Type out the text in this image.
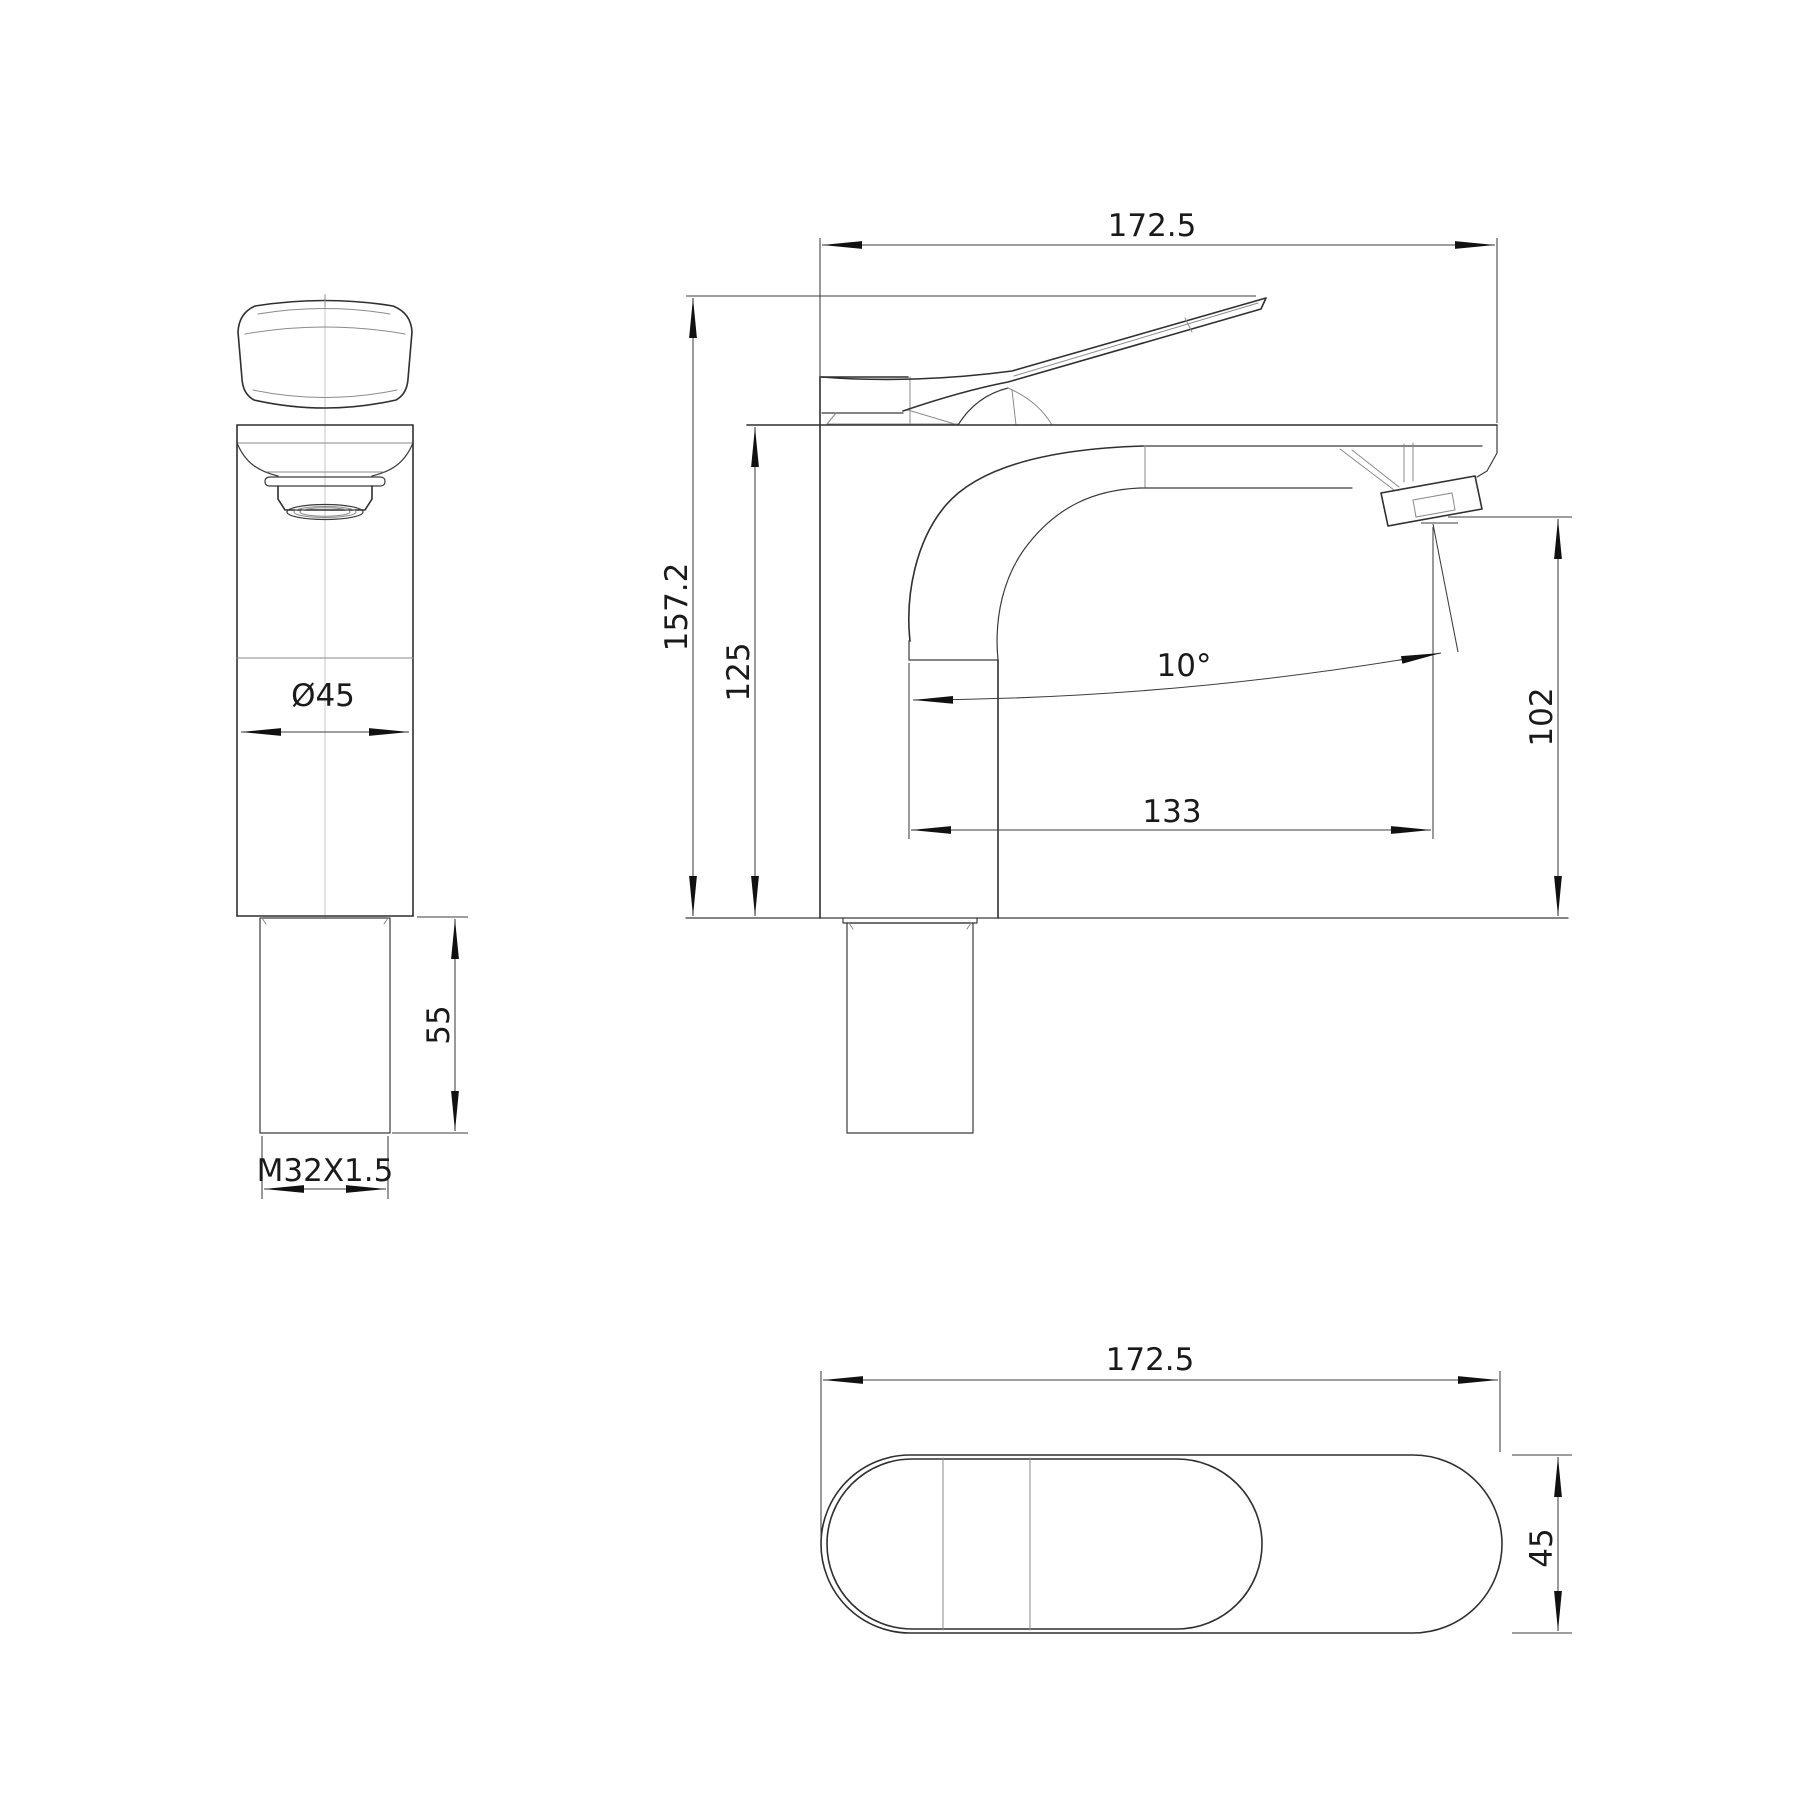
Ø45
55
M32X1.5
172.5
157.2
125
102
133
10°
172.5
45
